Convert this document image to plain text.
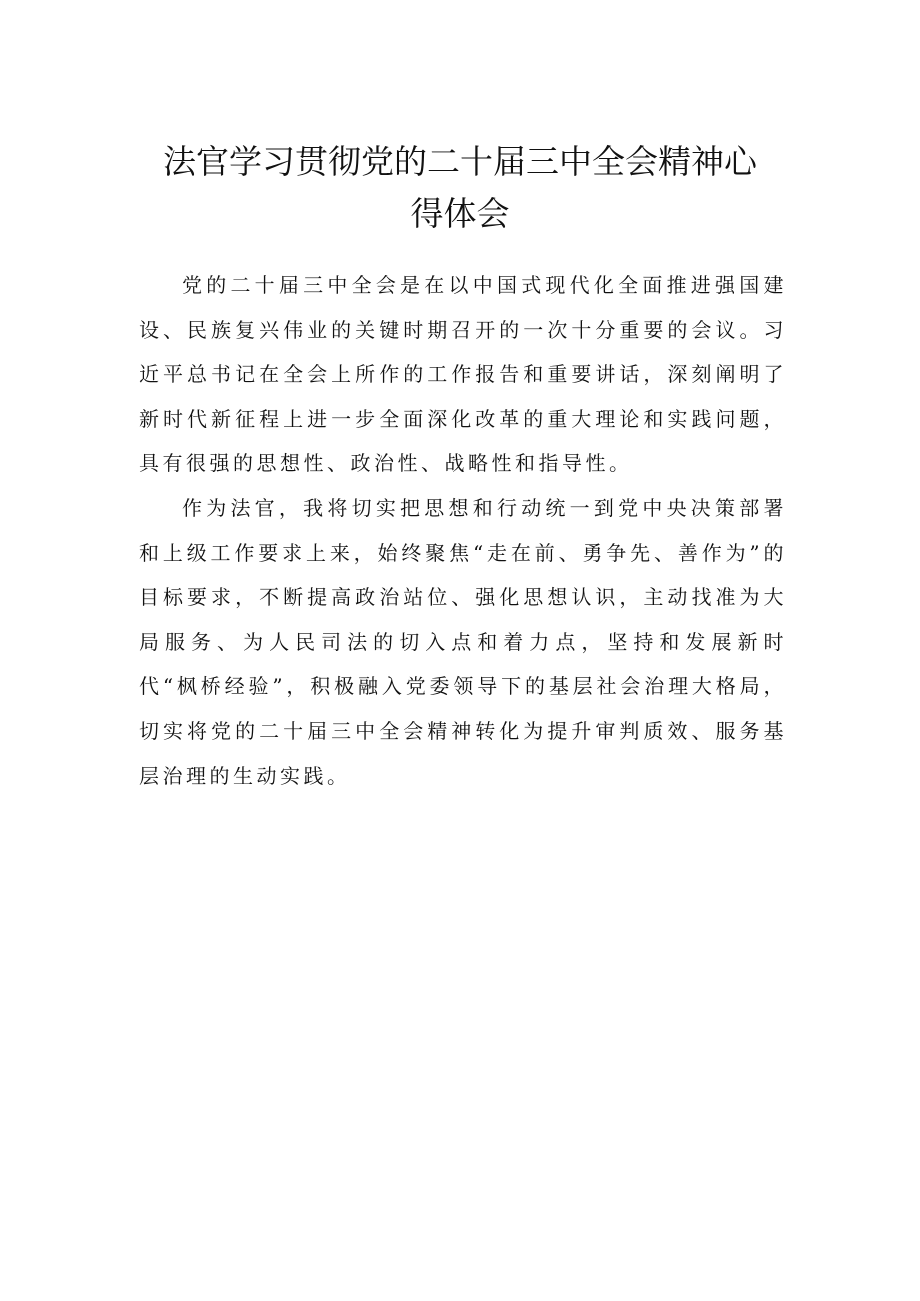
法官学习贯彻党的二十届三中全会精神心
得体会

党的二十届三中全会是在以中国式现代化全面推进强国建设、民族复兴伟业的关键时期召开的一次十分重要的会议。习近平总书记在全会上所作的工作报告和重要讲话，深刻阐明了新时代新征程上进一步全面深化改革的重大理论和实践问题，具有很强的思想性、政治性、战略性和指导性。

作为法官，我将切实把思想和行动统一到党中央决策部署和上级工作要求上来，始终聚焦“走在前、勇争先、善作为”的目标要求，不断提高政治站位、强化思想认识，主动找准为大局服务、为人民司法的切入点和着力点，坚持和发展新时代“枫桥经验”，积极融入党委领导下的基层社会治理大格局，切实将党的二十届三中全会精神转化为提升审判质效、服务基层治理的生动实践。
